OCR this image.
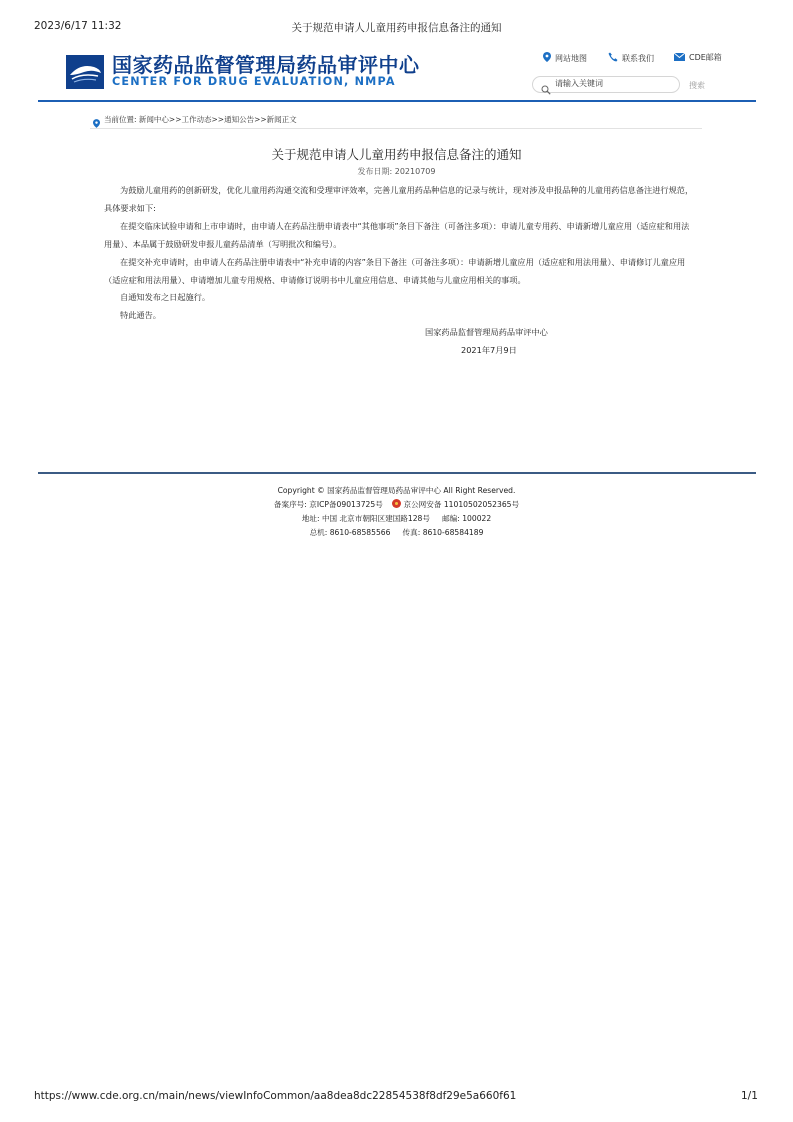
2023/6/17 11:32	关于规范申请人儿童用药申报信息备注的通知
国家药品监督管理局药品审评中心
CENTER FOR DRUG EVALUATION, NMPA
网站地图	联系我们	CDE邮箱
请输入关键词
搜索
当前位置:
新闻中心 >>工作动态 >>通知公告 >>新闻正文
关于规范申请人儿童用药申报信息备注的通知
发布日期: 20210709

为鼓励儿童用药的创新研发，优化儿童用药沟通交流和受理审评效率，完善儿童用药品种信息的记录与统计，现对涉及申报品种的儿童用药信息备注进行规范，具体要求如下:

在提交临床试验申请和上市申请时，由申请人在药品注册申请表中“其他事项”条目下备注（可备注多项）：申请儿童专用药、申请新增儿童应用（适应症和用法用量）、本品属于鼓励研发申报儿童药品清单（写明批次和编号）。

在提交补充申请时，由申请人在药品注册申请表中“补充申请的内容”条目下备注（可备注多项）：申请新增儿童应用（适应症和用法用量）、申请修订儿童应用（适应症和用法用量）、申请增加儿童专用规格、申请修订说明书中儿童应用信息、申请其他与儿童应用相关的事项。

自通知发布之日起施行。

特此通告。

国家药品监督管理局药品审评中心
2021年7月9日
Copyright © 国家药品监督管理局药品审评中心 All Right Reserved.
备案序号: 京ICP备09013725号	京公网安备 11010502052365号
地址: 中国 北京市朝阳区建国路128号 邮编: 100022
总机: 8610-68585566 传真: 8610-68584189
https://www.cde.org.cn/main/news/viewInfoCommon/aa8dea8dc22854538f8df29e5a660f61	1/1
